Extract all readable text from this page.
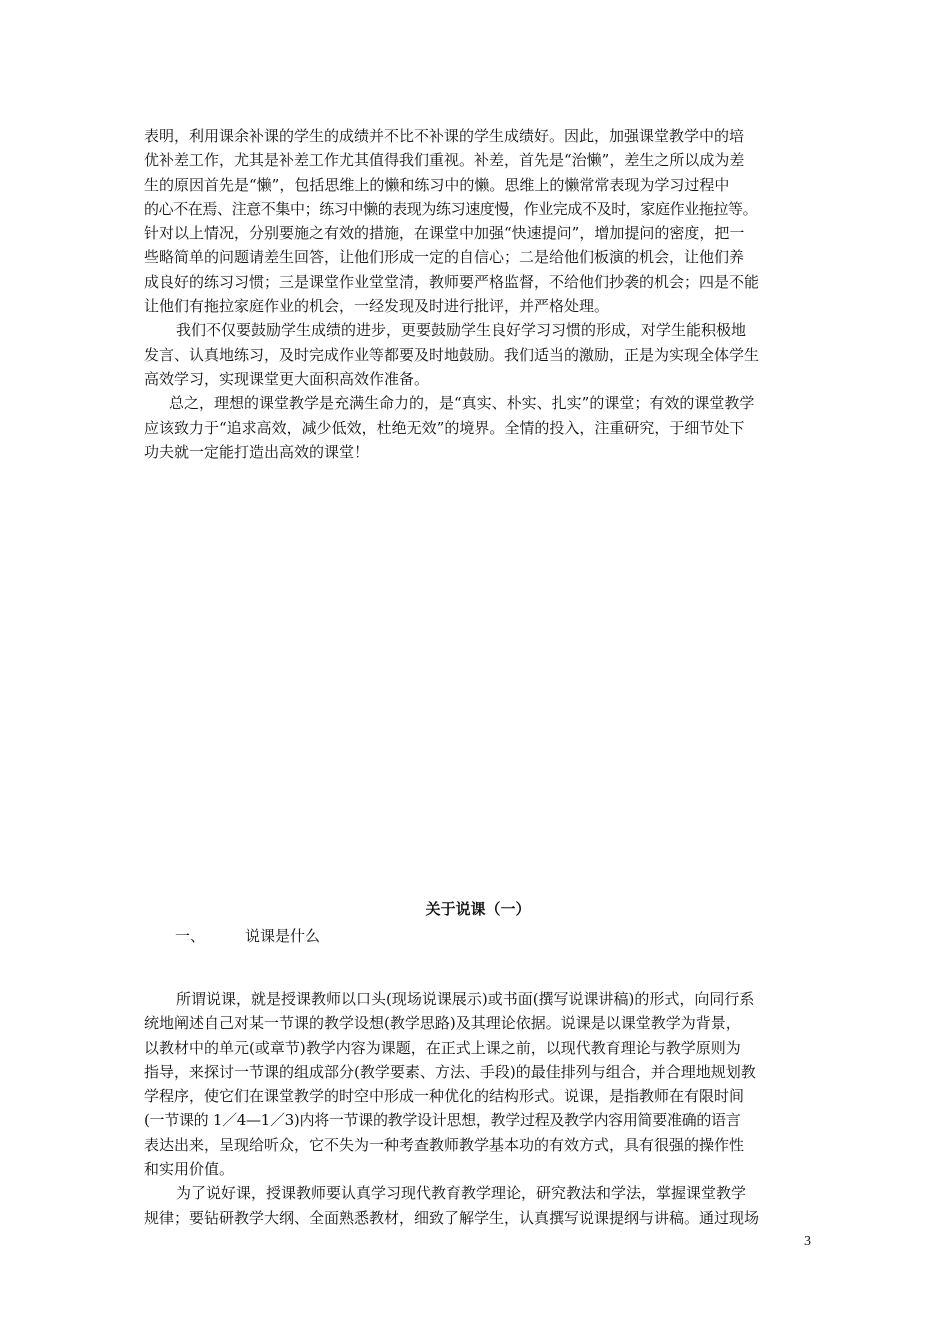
表明，利用课余补课的学生的成绩并不比不补课的学生成绩好。因此，加强课堂教学中的培
优补差工作，尤其是补差工作尤其值得我们重视。补差，首先是“治懒”，差生之所以成为差
生的原因首先是“懒”，包括思维上的懒和练习中的懒。思维上的懒常常表现为学习过程中
的心不在焉、注意不集中；练习中懒的表现为练习速度慢，作业完成不及时，家庭作业拖拉等。
针对以上情况，分别要施之有效的措施，在课堂中加强“快速提问”，增加提问的密度，把一
些略简单的问题请差生回答，让他们形成一定的自信心；二是给他们板演的机会，让他们养
成良好的练习习惯；三是课堂作业堂堂清，教师要严格监督，不给他们抄袭的机会；四是不能
让他们有拖拉家庭作业的机会，一经发现及时进行批评，并严格处理。
我们不仅要鼓励学生成绩的进步，更要鼓励学生良好学习习惯的形成，对学生能积极地
发言、认真地练习，及时完成作业等都要及时地鼓励。我们适当的激励，正是为实现全体学生
高效学习，实现课堂更大面积高效作准备。
总之，理想的课堂教学是充满生命力的，是“真实、朴实、扎实”的课堂；有效的课堂教学
应该致力于“追求高效，减少低效，杜绝无效”的境界。全情的投入，注重研究，于细节处下
功夫就一定能打造出高效的课堂！
关于说课（一）
一、	说课是什么
所谓说课，就是授课教师以口头(现场说课展示)或书面(撰写说课讲稿)的形式，向同行系
统地阐述自己对某一节课的教学设想(教学思路)及其理论依据。说课是以课堂教学为背景，
以教材中的单元(或章节)教学内容为课题，在正式上课之前，以现代教育理论与教学原则为
指导，来探讨一节课的组成部分(教学要素、方法、手段)的最佳排列与组合，并合理地规划教
学程序，使它们在课堂教学的时空中形成一种优化的结构形式。说课，是指教师在有限时间
(一节课的 1／4—1／3)内将一节课的教学设计思想，教学过程及教学内容用简要准确的语言
表达出来，呈现给听众，它不失为一种考查教师教学基本功的有效方式，具有很强的操作性
和实用价值。
为了说好课，授课教师要认真学习现代教育教学理论，研究教法和学法，掌握课堂教学
规律；要钻研教学大纲、全面熟悉教材，细致了解学生，认真撰写说课提纲与讲稿。通过现场
3
